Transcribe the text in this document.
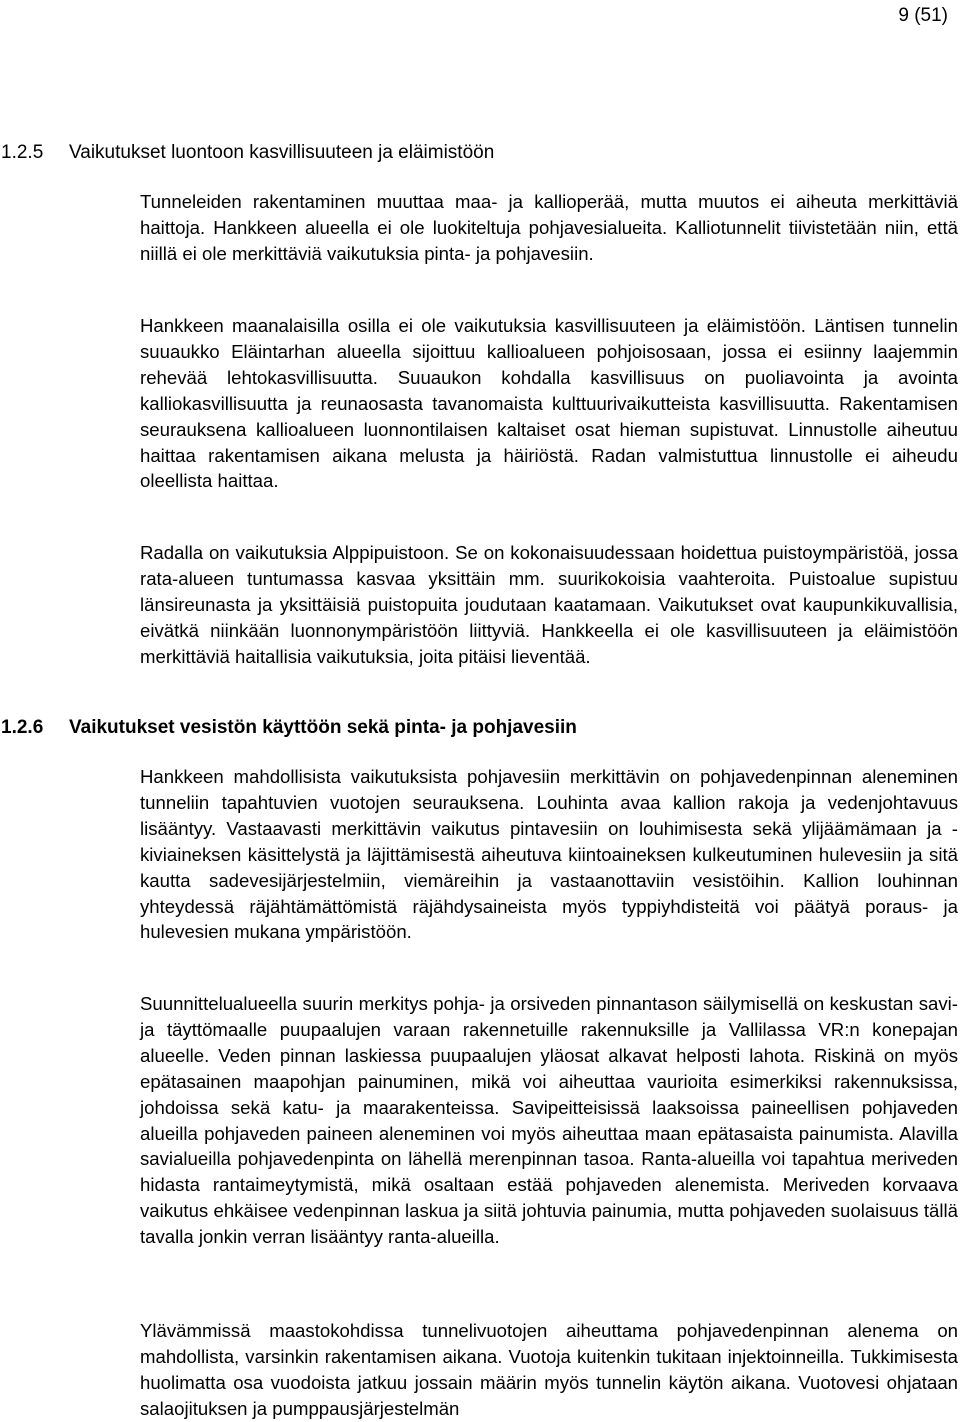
9 (51)
1.2.5 Vaikutukset luontoon kasvillisuuteen ja eläimistöön

Tunneleiden rakentaminen muuttaa maa- ja kallioperää, mutta muutos ei aiheuta merkittäviä haittoja. Hankkeen alueella ei ole luokiteltuja pohjavesialueita. Kalliotunnelit tiivistetään niin, että niillä ei ole merkittäviä vaikutuksia pinta- ja pohjavesiin.

Hankkeen maanalaisilla osilla ei ole vaikutuksia kasvillisuuteen ja eläimistöön. Läntisen tunnelin suuaukko Eläintarhan alueella sijoittuu kallioalueen pohjoisosaan, jossa ei esiinny laajemmin rehevää lehtokasvillisuutta. Suuaukon kohdalla kasvillisuus on puoliavointa ja avointa kalliokasvillisuutta ja reunaosasta tavanomaista kulttuurivaikutteista kasvillisuutta. Rakentamisen seurauksena kallioalueen luonnontilaisen kaltaiset osat hieman supistuvat. Linnustolle aiheutuu haittaa rakentamisen aikana melusta ja häiriöstä. Radan valmistuttua linnustolle ei aiheudu oleellista haittaa.

Radalla on vaikutuksia Alppipuistoon. Se on kokonaisuudessaan hoidettua puistoympäristöä, jossa rata-alueen tuntumassa kasvaa yksittäin mm. suurikokoisia vaahteroita. Puistoalue supistuu länsireunasta ja yksittäisiä puistopuita joudutaan kaatamaan. Vaikutukset ovat kaupunkikuvallisia, eivätkä niinkään luonnonympäristöön liittyviä. Hankkeella ei ole kasvillisuuteen ja eläimistöön merkittäviä haitallisia vaikutuksia, joita pitäisi lieventää.

1.2.6 Vaikutukset vesistön käyttöön sekä pinta- ja pohjavesiin

Hankkeen mahdollisista vaikutuksista pohjavesiin merkittävin on pohjavedenpinnan aleneminen tunneliin tapahtuvien vuotojen seurauksena. Louhinta avaa kallion rakoja ja vedenjohtavuus lisääntyy. Vastaavasti merkittävin vaikutus pintavesiin on louhimisesta sekä ylijäämämaan ja -kiviaineksen käsittelystä ja läjittämisestä aiheutuva kiintoaineksen kulkeutuminen hulevesiin ja sitä kautta sadevesijärjestelmiin, viemäreihin ja vastaanottaviin vesistöihin. Kallion louhinnan yhteydessä räjähtämättömistä räjähdysaineista myös typpiyhdisteitä voi päätyä poraus- ja hulevesien mukana ympäristöön.

Suunnittelualueella suurin merkitys pohja- ja orsiveden pinnantason säilymisellä on keskustan savi- ja täyttömaalle puupaalujen varaan rakennetuille rakennuksille ja Vallilassa VR:n konepajan alueelle. Veden pinnan laskiessa puupaalujen yläosat alkavat helposti lahota. Riskinä on myös epätasainen maapohjan painuminen, mikä voi aiheuttaa vaurioita esimerkiksi rakennuksissa, johdoissa sekä katu- ja maarakenteissa. Savipeitteisissä laaksoissa paineellisen pohjaveden alueilla pohjaveden paineen aleneminen voi myös aiheuttaa maan epätasaista painumista. Alavilla savialueilla pohjavedenpinta on lähellä merenpinnan tasoa. Ranta-alueilla voi tapahtua meriveden hidasta rantaimeytymistä, mikä osaltaan estää pohjaveden alenemista. Meriveden korvaava vaikutus ehkäisee vedenpinnan laskua ja siitä johtuvia painumia, mutta pohjaveden suolaisuus tällä tavalla jonkin verran lisääntyy ranta-alueilla.

Ylävämmissä maastokohdissa tunnelivuotojen aiheuttama pohjavedenpinnan alenema on mahdollista, varsinkin rakentamisen aikana. Vuotoja kuitenkin tukitaan injektoinneilla. Tukkimisesta huolimatta osa vuodoista jatkuu jossain määrin myös tunnelin käytön aikana. Vuotovesi ohjataan salaojituksen ja pumppausjärjestelmän
